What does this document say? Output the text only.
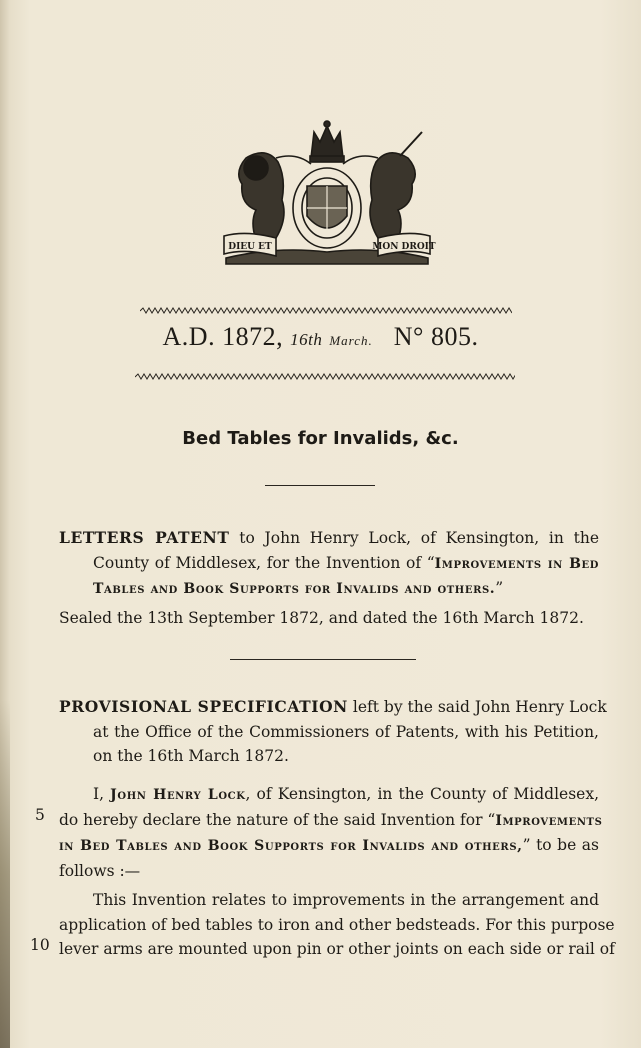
DIEU ET	MON DROIT
A.D. 1872, 16th March. N° 805.
Bed Tables for Invalids, &c.
LETTERS PATENT to John Henry Lock, of Kensington, in the
County of Middlesex, for the Invention of “Improvements in Bed
Tables and Book Supports for Invalids and others.”
Sealed the 13th September 1872, and dated the 16th March 1872.
PROVISIONAL SPECIFICATION left by the said John Henry Lock
at the Office of the Commissioners of Patents, with his Petition,
on the 16th March 1872.
I, John Henry Lock, of Kensington, in the County of Middlesex,
do hereby declare the nature of the said Invention for “Improvements
in Bed Tables and Book Supports for Invalids and others,” to be as
follows :—
This Invention relates to improvements in the arrangement and
application of bed tables to iron and other bedsteads. For this purpose
lever arms are mounted upon pin or other joints on each side or rail of
5
10
